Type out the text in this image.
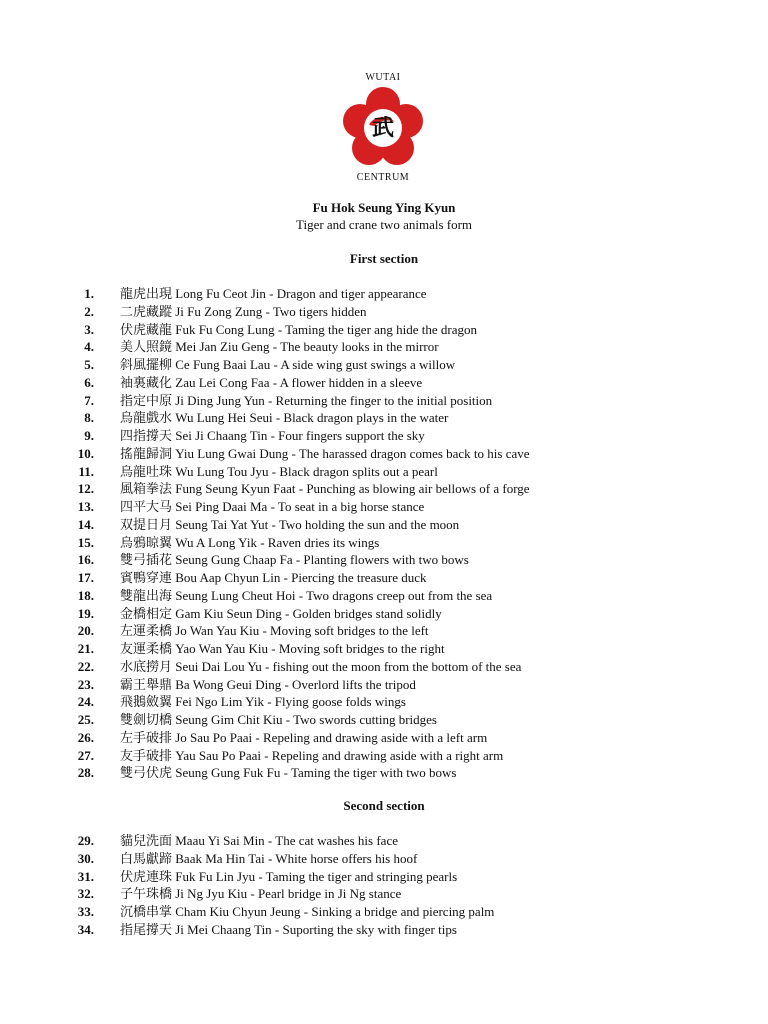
WUTAI
武
CENTRUM
Fu Hok Seung Ying Kyun
Tiger and crane two animals form
First section
1. 龍虎出現 Long Fu Ceot Jin - Dragon and tiger appearance
2. 二虎藏蹤 Ji Fu Zong Zung - Two tigers hidden
3. 伏虎藏龍 Fuk Fu Cong Lung - Taming the tiger ang hide the dragon
4. 美人照鏡 Mei Jan Ziu Geng - The beauty looks in the mirror
5. 斜風擺柳 Ce Fung Baai Lau - A side wing gust swings a willow
6. 袖裏藏化 Zau Lei Cong Faa - A flower hidden in a sleeve
7. 指定中原 Ji Ding Jung Yun - Returning the finger to the initial position
8. 烏龍戲水 Wu Lung Hei Seui - Black dragon plays in the water
9. 四指撐天 Sei Ji Chaang Tin - Four fingers support the sky
10. 搖龍歸洞 Yiu Lung Gwai Dung - The harassed dragon comes back to his cave
11. 烏龍吐珠 Wu Lung Tou Jyu - Black dragon splits out a pearl
12. 風箱拳法 Fung Seung Kyun Faat - Punching as blowing air bellows of a forge
13. 四平大马 Sei Ping Daai Ma - To seat in a big horse stance
14. 双提日月 Seung Tai Yat Yut - Two holding the sun and the moon
15. 烏鴉晾翼 Wu A Long Yik - Raven dries its wings
16. 雙弓插花 Seung Gung Chaap Fa - Planting flowers with two bows
17. 賓鴨穿連 Bou Aap Chyun Lin - Piercing the treasure duck
18. 雙龍出海 Seung Lung Cheut Hoi - Two dragons creep out from the sea
19. 金橋相定 Gam Kiu Seun Ding - Golden bridges stand solidly
20. 左運柔橋 Jo Wan Yau Kiu - Moving soft bridges to the left
21. 友運柔橋 Yao Wan Yau Kiu - Moving soft bridges to the right
22. 水底撈月 Seui Dai Lou Yu - fishing out the moon from the bottom of the sea
23. 霸王舉鼎 Ba Wong Geui Ding - Overlord lifts the tripod
24. 飛鵝斂翼 Fei Ngo Lim Yik - Flying goose folds wings
25. 雙劍切橋 Seung Gim Chit Kiu - Two swords cutting bridges
26. 左手破排 Jo Sau Po Paai - Repeling and drawing aside with a left arm
27. 友手破排 Yau Sau Po Paai - Repeling and drawing aside with a right arm
28. 雙弓伏虎 Seung Gung Fuk Fu - Taming the tiger with two bows
Second section
29. 貓兒洗面 Maau Yi Sai Min - The cat washes his face
30. 白馬獻蹄 Baak Ma Hin Tai - White horse offers his hoof
31. 伏虎連珠 Fuk Fu Lin Jyu - Taming the tiger and stringing pearls
32. 子午珠橋 Ji Ng Jyu Kiu - Pearl bridge in Ji Ng stance
33. 沉橋串掌 Cham Kiu Chyun Jeung - Sinking a bridge and piercing palm
34. 指尾撐天 Ji Mei Chaang Tin - Suporting the sky with finger tips
